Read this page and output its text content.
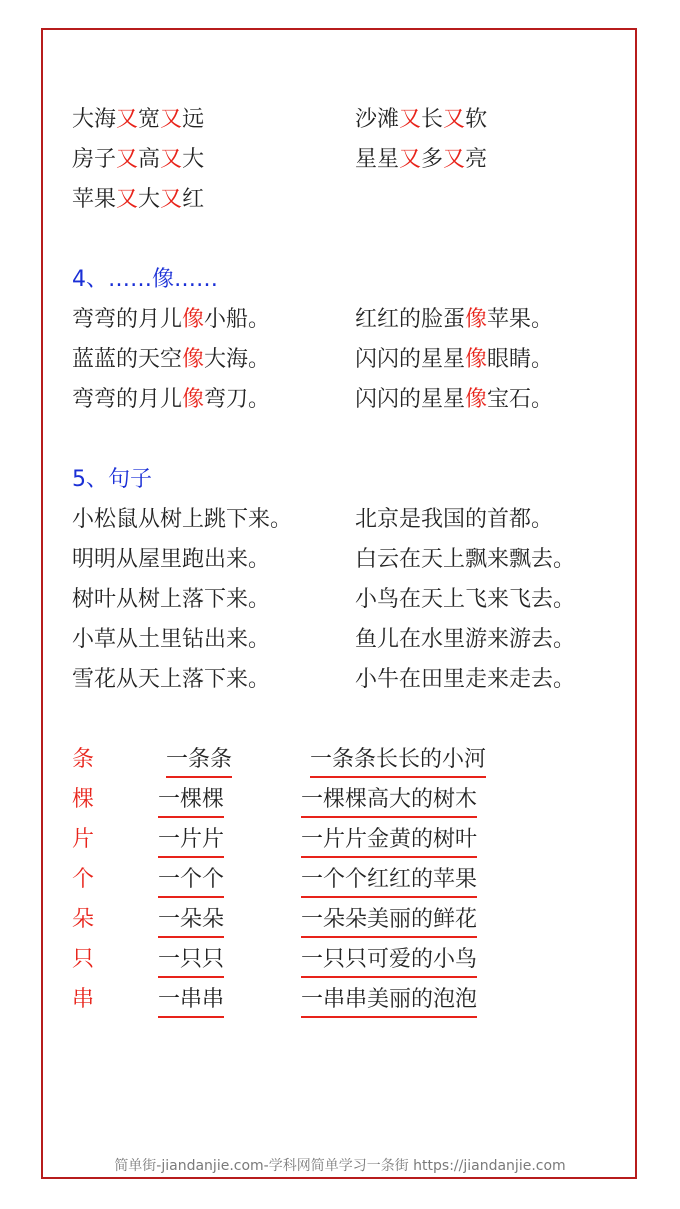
大海又宽又远	沙滩又长又软
房子又高又大	星星又多又亮
苹果又大又红
4、……像……
弯弯的月儿像小船。	红红的脸蛋像苹果。
蓝蓝的天空像大海。	闪闪的星星像眼睛。
弯弯的月儿像弯刀。	闪闪的星星像宝石。
5、句子
小松鼠从树上跳下来。	北京是我国的首都。
明明从屋里跑出来。	白云在天上飘来飘去。
树叶从树上落下来。	小鸟在天上飞来飞去。
小草从土里钻出来。	鱼儿在水里游来游去。
雪花从天上落下来。	小牛在田里走来走去。
条	一条条	一条条长长的小河
棵	一棵棵	一棵棵高大的树木
片	一片片	一片片金黄的树叶
个	一个个	一个个红红的苹果
朵	一朵朵	一朵朵美丽的鲜花
只	一只只	一只只可爱的小鸟
串	一串串	一串串美丽的泡泡
简单街-jiandanjie.com-学科网简单学习一条街 https://jiandanjie.com
